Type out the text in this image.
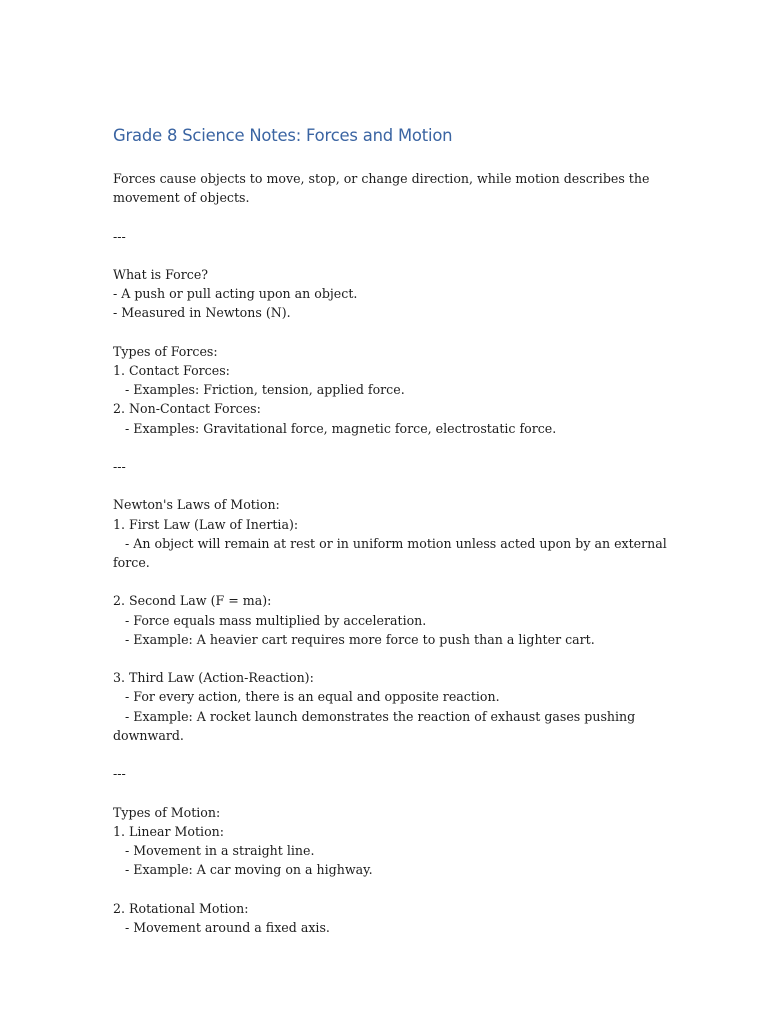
Grade 8 Science Notes: Forces and Motion
Forces cause objects to move, stop, or change direction, while motion describes the movement of objects.
---
What is Force?
- A push or pull acting upon an object.
- Measured in Newtons (N).
Types of Forces:
1. Contact Forces:
- Examples: Friction, tension, applied force.
2. Non-Contact Forces:
- Examples: Gravitational force, magnetic force, electrostatic force.
---
Newton's Laws of Motion:
1. First Law (Law of Inertia):
- An object will remain at rest or in uniform motion unless acted upon by an external force.
2. Second Law (F = ma):
- Force equals mass multiplied by acceleration.
- Example: A heavier cart requires more force to push than a lighter cart.
3. Third Law (Action-Reaction):
- For every action, there is an equal and opposite reaction.
- Example: A rocket launch demonstrates the reaction of exhaust gases pushing downward.
---
Types of Motion:
1. Linear Motion:
- Movement in a straight line.
- Example: A car moving on a highway.
2. Rotational Motion:
- Movement around a fixed axis.
